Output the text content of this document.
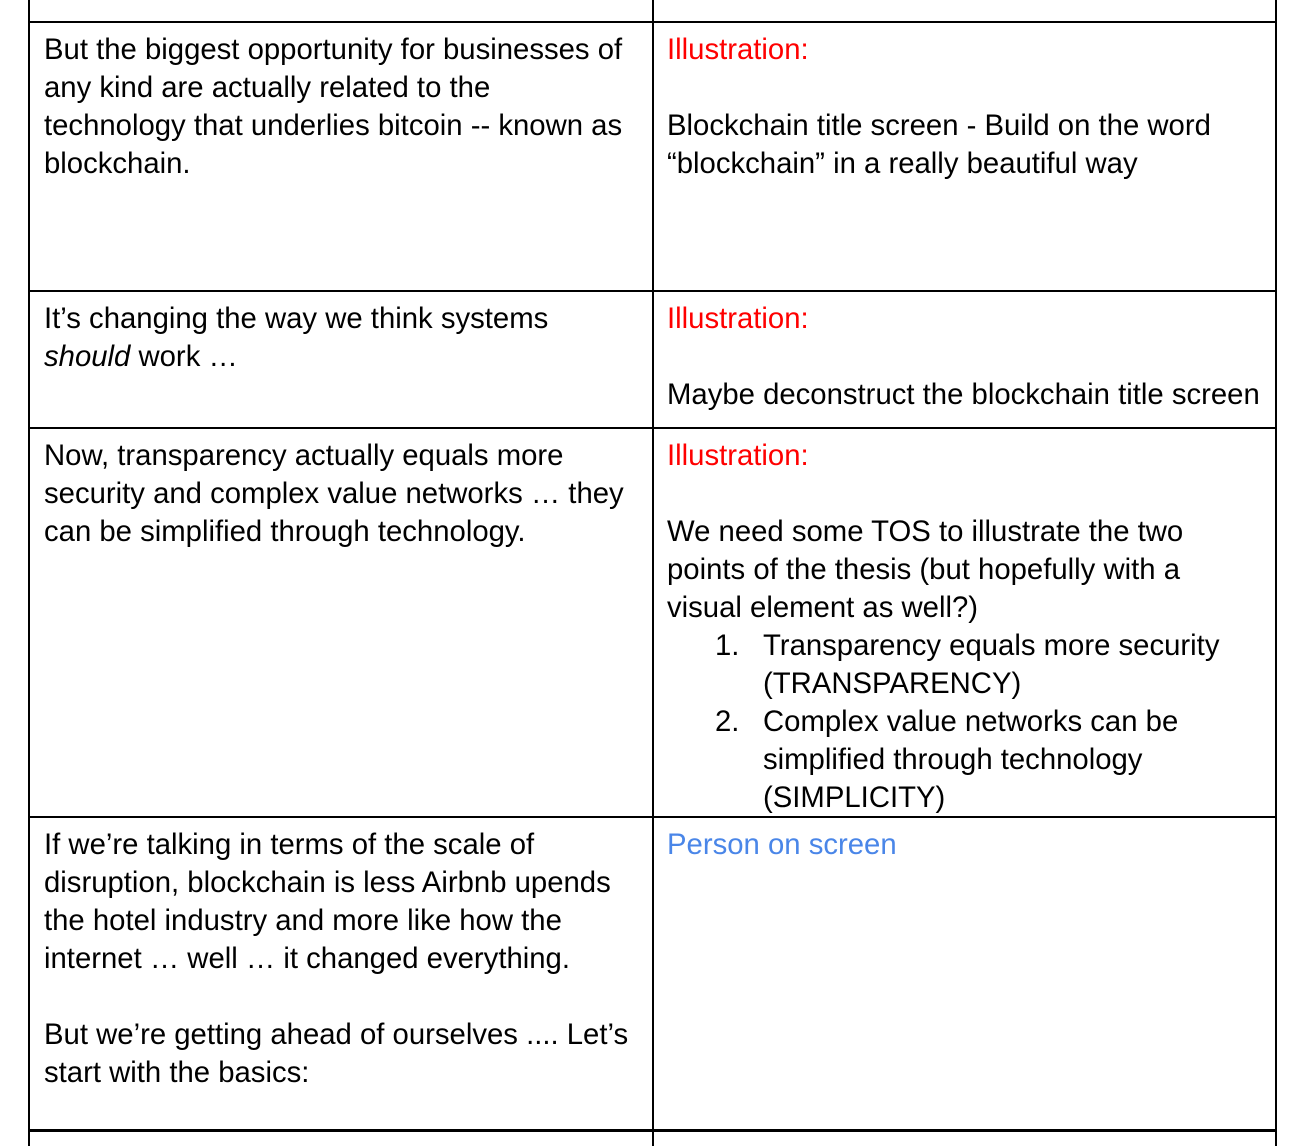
But the biggest opportunity for businesses of any kind are actually related to the technology that underlies bitcoin -- known as blockchain.

Illustration:

Blockchain title screen - Build on the word “blockchain” in a really beautiful way

It’s changing the way we think systems
should work …

Illustration:

Maybe deconstruct the blockchain title screen

Now, transparency actually equals more security and complex value networks … they can be simplified through technology.

Illustration:

We need some TOS to illustrate the two points of the thesis (but hopefully with a visual element as well?)

1. Transparency equals more security (TRANSPARENCY)
2. Complex value networks can be simplified through technology (SIMPLICITY)

If we’re talking in terms of the scale of disruption, blockchain is less Airbnb upends the hotel industry and more like how the internet … well … it changed everything.

But we’re getting ahead of ourselves .... Let’s start with the basics:

Person on screen
